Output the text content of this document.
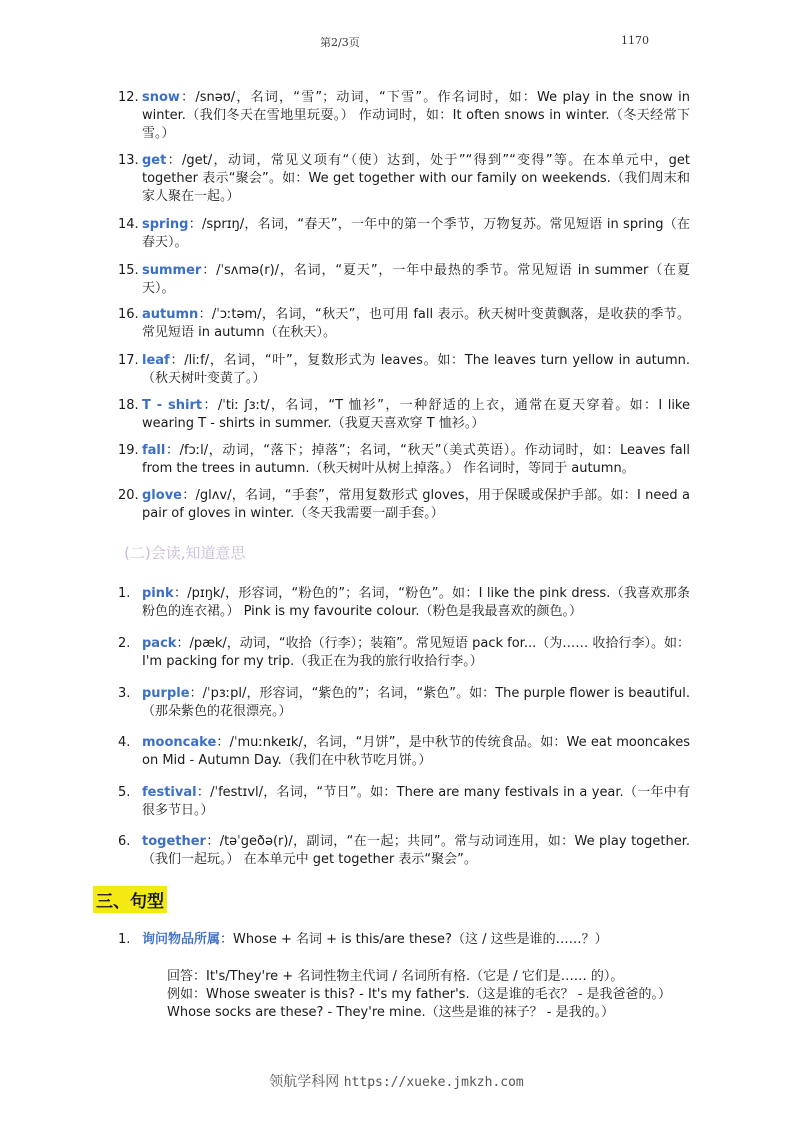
第2/3页	1170
12. snow：/snəʊ/，名词，“雪”；动词，“下雪”。作名词时，如：We play in the snow in winter.（我们冬天在雪地里玩耍。） 作动词时，如：It often snows in winter.（冬天经常下雪。）
13. get：/get/，动词，常见义项有“（使）达到，处于”“得到”“变得”等。在本单元中，get together 表示“聚会”。如：We get together with our family on weekends.（我们周末和家人聚在一起。）
14. spring：/sprɪŋ/，名词，“春天”，一年中的第一个季节，万物复苏。常见短语 in spring（在春天）。
15. summer：/ˈsʌmə(r)/，名词，“夏天”，一年中最热的季节。常见短语 in summer（在夏天）。
16. autumn：/ˈɔːtəm/，名词，“秋天”，也可用 fall 表示。秋天树叶变黄飘落，是收获的季节。常见短语 in autumn（在秋天）。
17. leaf：/liːf/，名词，“叶”，复数形式为 leaves。如：The leaves turn yellow in autumn.（秋天树叶变黄了。）
18. T - shirt：/ˈtiː ʃɜːt/，名词，“T 恤衫”，一种舒适的上衣，通常在夏天穿着。如：I like wearing T - shirts in summer.（我夏天喜欢穿 T 恤衫。）
19. fall：/fɔːl/，动词，“落下；掉落”；名词，“秋天”（美式英语）。作动词时，如：Leaves fall from the trees in autumn.（秋天树叶从树上掉落。） 作名词时，等同于 autumn。
20. glove：/glʌv/，名词，“手套”，常用复数形式 gloves，用于保暖或保护手部。如：I need a pair of gloves in winter.（冬天我需要一副手套。）
(二)会读,知道意思
1. pink：/pɪŋk/，形容词，“粉色的”；名词，“粉色”。如：I like the pink dress.（我喜欢那条粉色的连衣裙。） Pink is my favourite colour.（粉色是我最喜欢的颜色。）
2. pack：/pæk/，动词，“收拾（行李）；装箱”。常见短语 pack for...（为…… 收拾行李）。如：I'm packing for my trip.（我正在为我的旅行收拾行李。）
3. purple：/ˈpɜːpl/，形容词，“紫色的”；名词，“紫色”。如：The purple flower is beautiful.（那朵紫色的花很漂亮。）
4. mooncake：/ˈmuːnkeɪk/，名词，“月饼”，是中秋节的传统食品。如：We eat mooncakes on Mid - Autumn Day.（我们在中秋节吃月饼。）
5. festival：/ˈfestɪvl/，名词，“节日”。如：There are many festivals in a year.（一年中有很多节日。）
6. together：/təˈgeðə(r)/，副词，“在一起；共同”。常与动词连用，如：We play together.（我们一起玩。） 在本单元中 get together 表示“聚会”。
三、句型
1. 询问物品所属：Whose + 名词 + is this/are these?（这 / 这些是谁的……？）
回答：It's/They're + 名词性物主代词 / 名词所有格.（它是 / 它们是…… 的）。
例如：Whose sweater is this? - It's my father's.（这是谁的毛衣？ - 是我爸爸的。）
Whose socks are these? - They're mine.（这些是谁的袜子？ - 是我的。）
领航学科网 https://xueke.jmkzh.com
